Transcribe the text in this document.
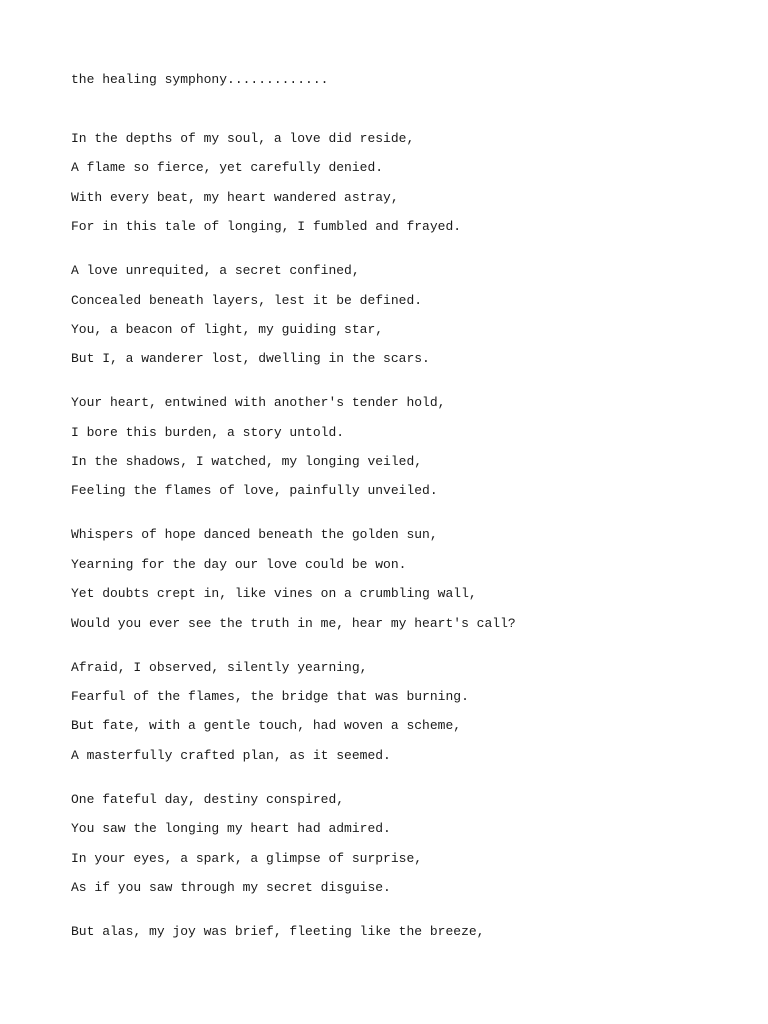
the healing symphony.............
In the depths of my soul, a love did reside,
A flame so fierce, yet carefully denied.
With every beat, my heart wandered astray,
For in this tale of longing, I fumbled and frayed.
A love unrequited, a secret confined,
Concealed beneath layers, lest it be defined.
You, a beacon of light, my guiding star,
But I, a wanderer lost, dwelling in the scars.
Your heart, entwined with another's tender hold,
I bore this burden, a story untold.
In the shadows, I watched, my longing veiled,
Feeling the flames of love, painfully unveiled.
Whispers of hope danced beneath the golden sun,
Yearning for the day our love could be won.
Yet doubts crept in, like vines on a crumbling wall,
Would you ever see the truth in me, hear my heart's call?
Afraid, I observed, silently yearning,
Fearful of the flames, the bridge that was burning.
But fate, with a gentle touch, had woven a scheme,
A masterfully crafted plan, as it seemed.
One fateful day, destiny conspired,
You saw the longing my heart had admired.
In your eyes, a spark, a glimpse of surprise,
As if you saw through my secret disguise.
But alas, my joy was brief, fleeting like the breeze,
